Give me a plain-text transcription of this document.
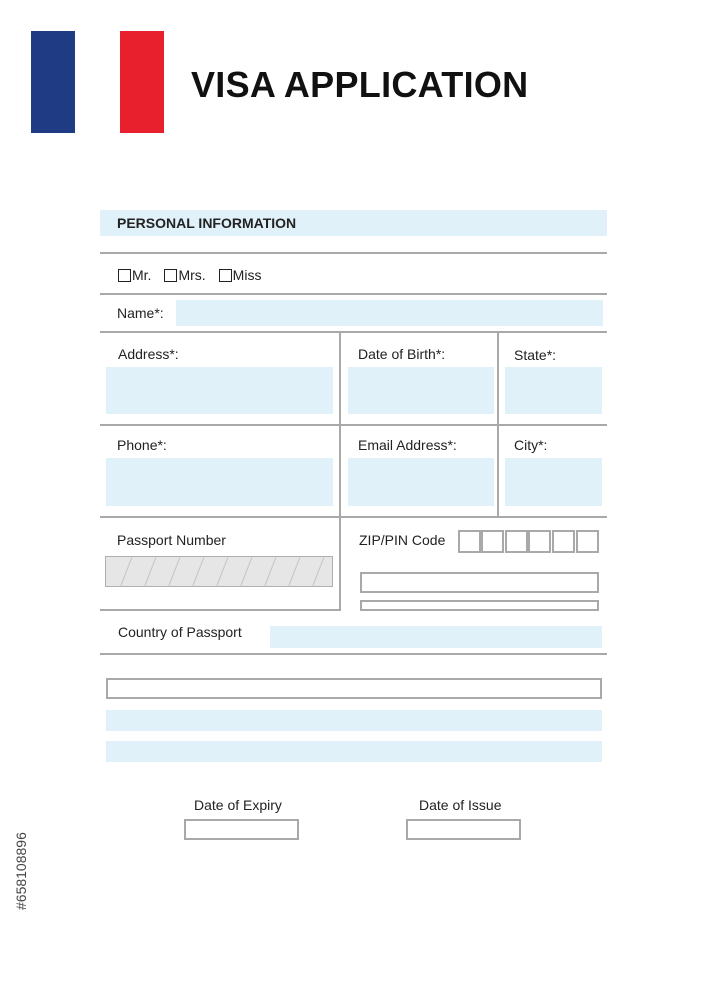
VISA APPLICATION
PERSONAL INFORMATION
Mr. Mrs. Miss
Name*:
Address*:	Date of Birth*:	State*:
Phone*:	Email Address*:	City*:
Passport Number	ZIP/PIN Code
Country of Passport
Date of Expiry	Date of Issue
#658108896
